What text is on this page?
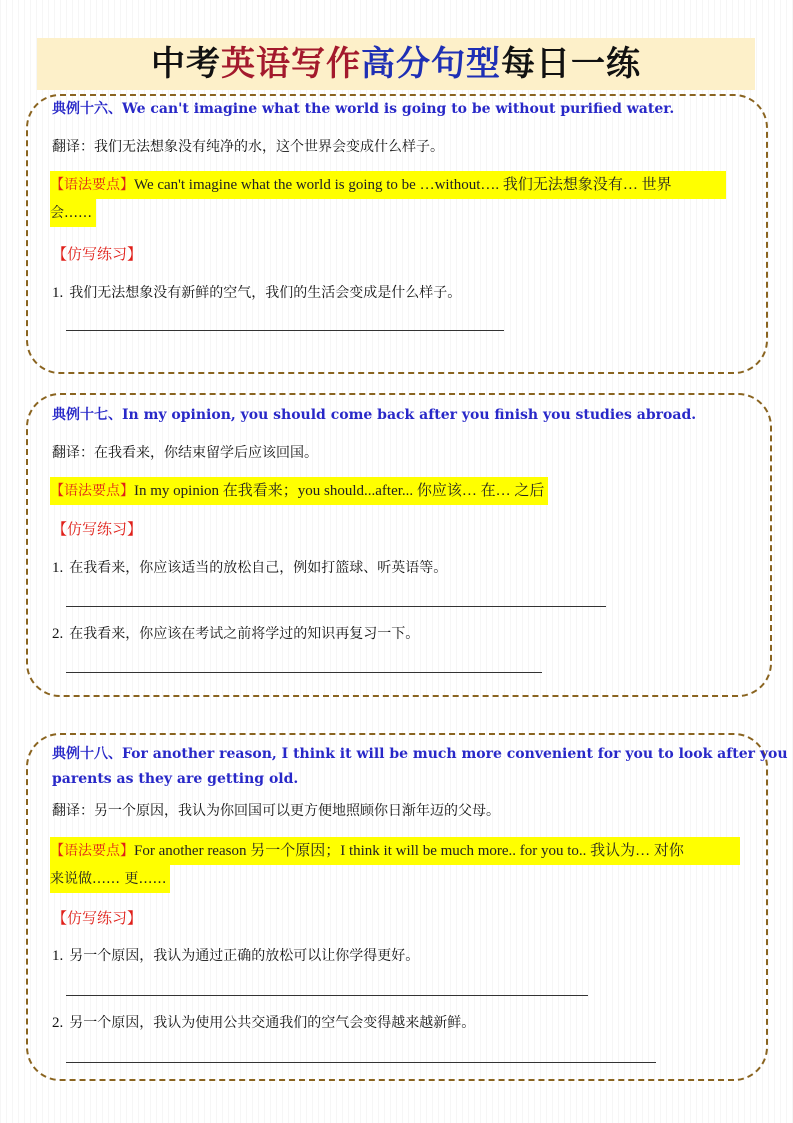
中考英语写作高分句型每日一练
典例十六、We can't imagine what the world is going to be without purified water.
翻译：我们无法想象没有纯净的水，这个世界会变成什么样子。
【语法要点】We can't imagine what the world is going to be …without…. 我们无法想象没有… 世界
会……
【仿写练习】
1. 我们无法想象没有新鲜的空气，我们的生活会变成是什么样子。
典例十七、In my opinion, you should come back after you finish you studies abroad.
翻译：在我看来，你结束留学后应该回国。
【语法要点】In my opinion 在我看来；you should...after... 你应该… 在… 之后
【仿写练习】
1. 在我看来，你应该适当的放松自己，例如打篮球、听英语等。
2. 在我看来，你应该在考试之前将学过的知识再复习一下。
典例十八、For another reason, I think it will be much more convenient for you to look after you
parents as they are getting old.
翻译：另一个原因，我认为你回国可以更方便地照顾你日渐年迈的父母。
【语法要点】For another reason 另一个原因；I think it will be much more.. for you to.. 我认为… 对你
来说做…… 更……
【仿写练习】
1. 另一个原因，我认为通过正确的放松可以让你学得更好。
2. 另一个原因，我认为使用公共交通我们的空气会变得越来越新鲜。
